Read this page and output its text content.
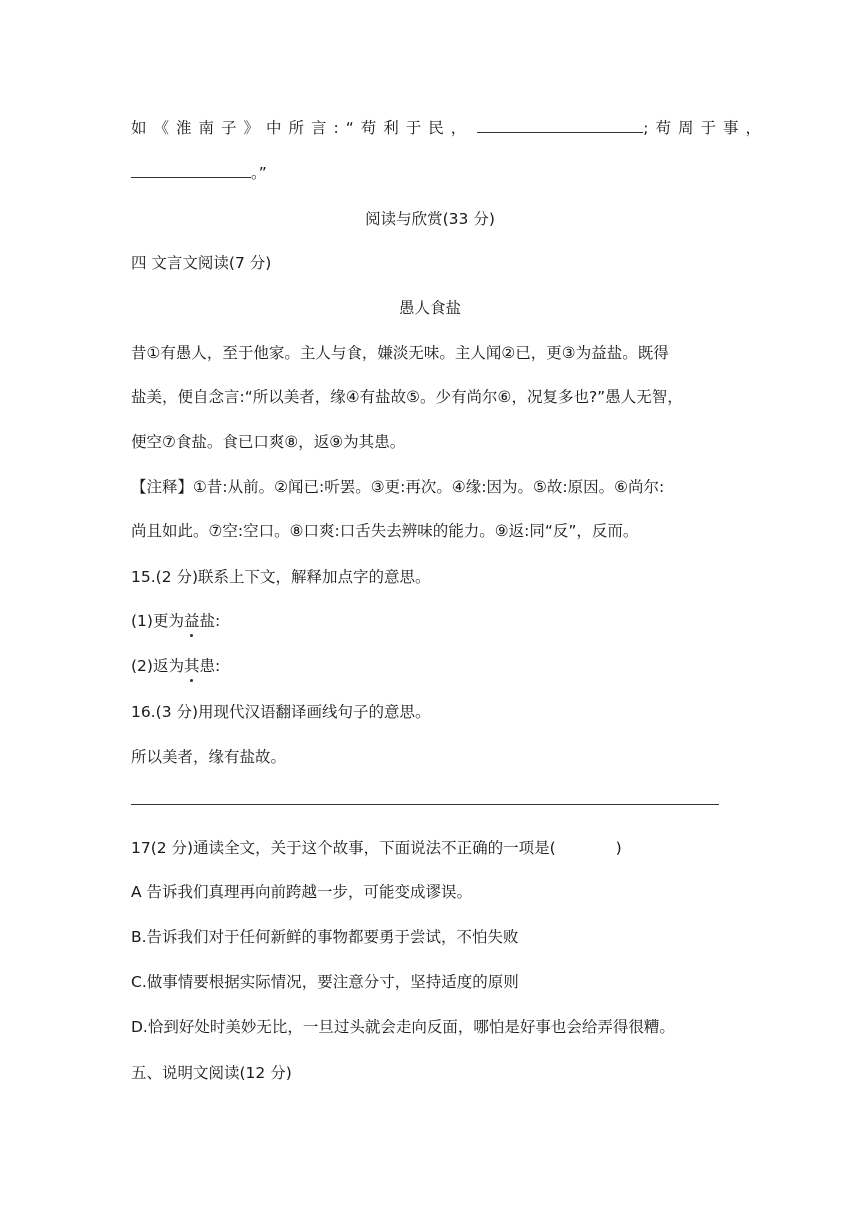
如《淮南子》中所言:“苟利于民，	;苟周于事，
。”
阅读与欣赏(33 分)
四 文言文阅读(7 分)
愚人食盐
昔①有愚人，至于他家。主人与食，嫌淡无味。主人闻②已，更③为益盐。既得
盐美，便自念言:“所以美者，缘④有盐故⑤。少有尚尔⑥，况复多也?”愚人无智，
便空⑦食盐。食已口爽⑧，返⑨为其患。
【注释】①昔:从前。②闻已:听罢。③更:再次。④缘:因为。⑤故:原因。⑥尚尔:
尚且如此。⑦空:空口。⑧口爽:口舌失去辨味的能力。⑨返:同“反”，反而。
15.(2 分)联系上下文，解释加点字的意思。
(1)更为益盐:
(2)返为其患:
16.(3 分)用现代汉语翻译画线句子的意思。
所以美者，缘有盐故。
17(2 分)通读全文，关于这个故事，下面说法不正确的一项是(	)
A 告诉我们真理再向前跨越一步，可能变成谬误。
B.告诉我们对于任何新鲜的事物都要勇于尝试，不怕失败
C.做事情要根据实际情况，要注意分寸，坚持适度的原则
D.恰到好处时美妙无比，一旦过头就会走向反面，哪怕是好事也会给弄得很糟。
五、说明文阅读(12 分)
